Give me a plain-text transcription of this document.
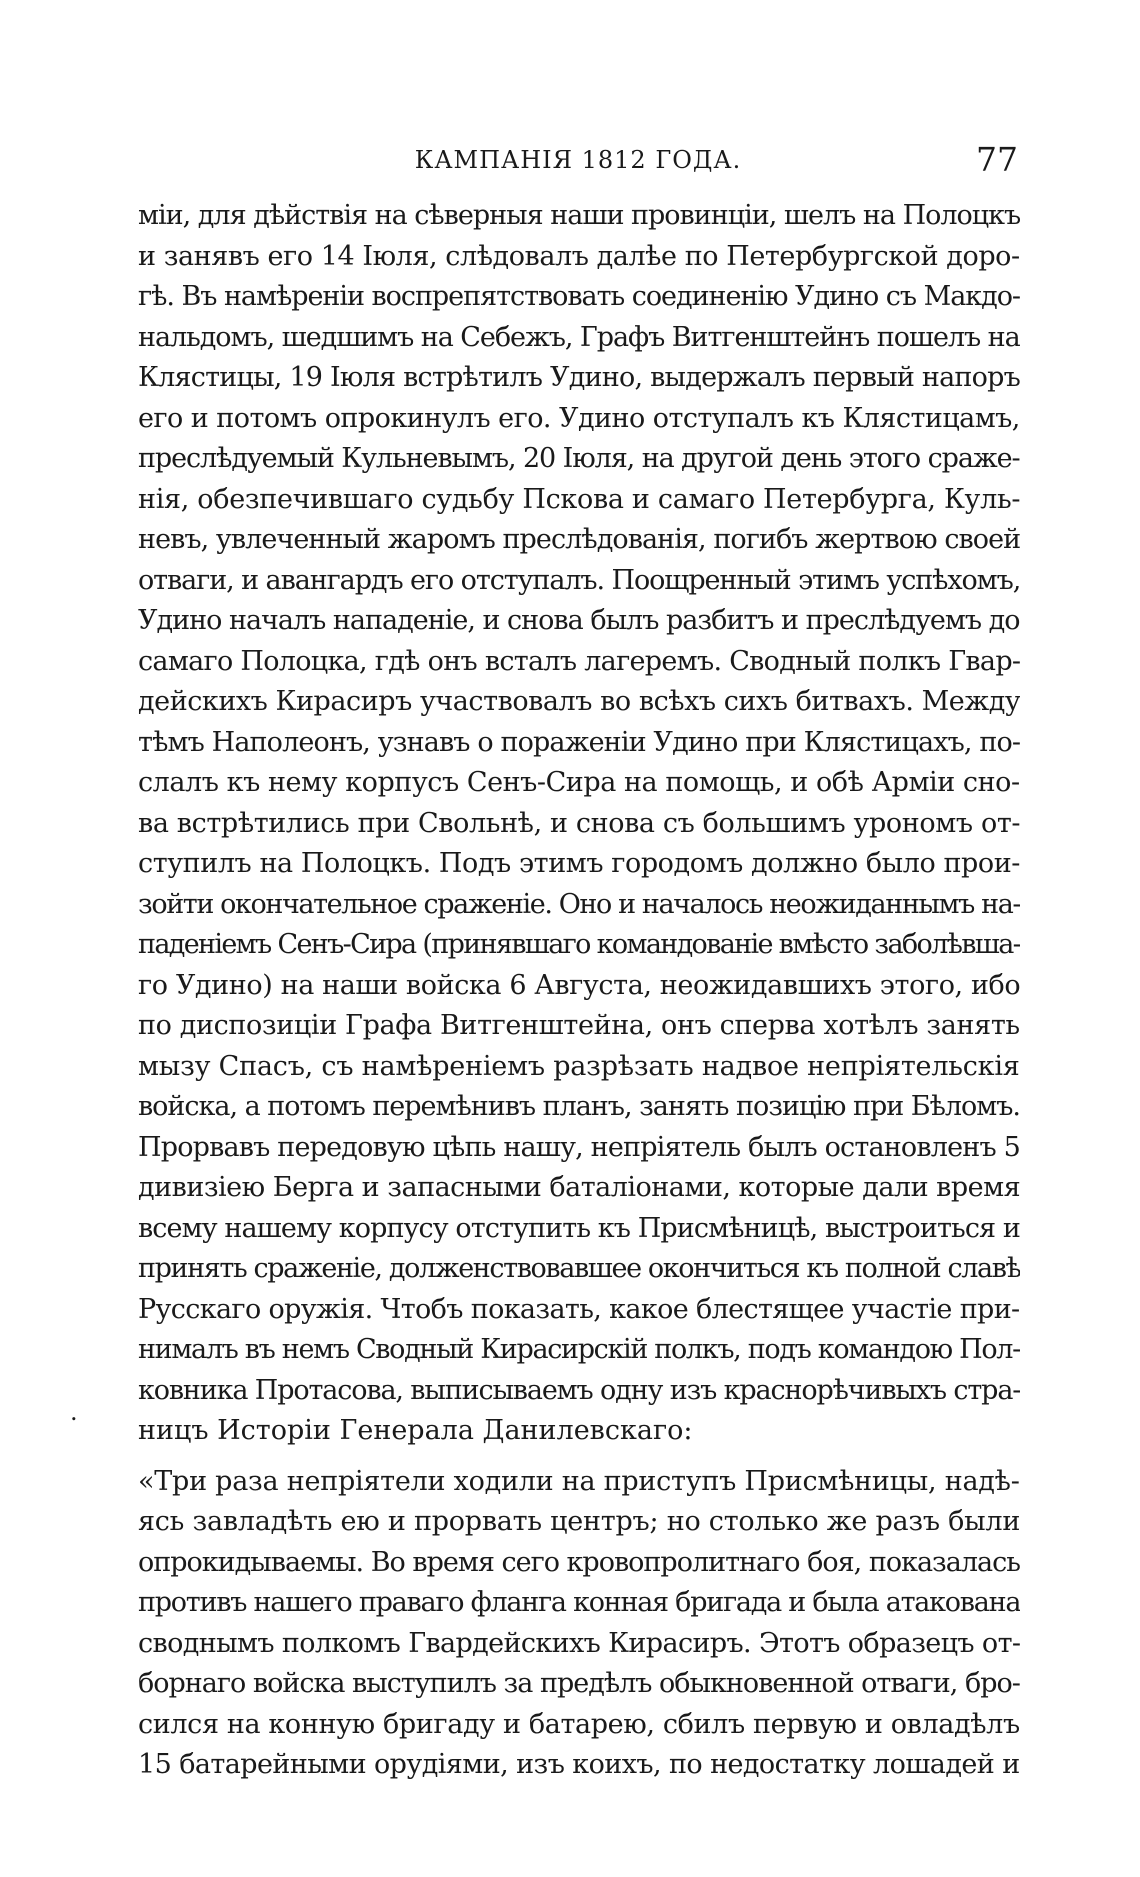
КАМПАНІЯ 1812 ГОДА.	77
.
міи, для дѣйствія на сѣверныя наши провинціи, шелъ на Полоцкъ
и занявъ его 14 Іюля, слѣдовалъ далѣе по Петербургской доро-
гѣ. Въ намѣреніи воспрепятствовать соединенію Удино съ Макдо-
нальдомъ, шедшимъ на Себежъ, Графъ Витгенштейнъ пошелъ на
Клястицы, 19 Іюля встрѣтилъ Удино, выдержалъ первый напоръ
его и потомъ опрокинулъ его. Удино отступалъ къ Клястицамъ,
преслѣдуемый Кульневымъ, 20 Іюля, на другой день этого сраже-
нія, обезпечившаго судьбу Пскова и самаго Петербурга, Куль-
невъ, увлеченный жаромъ преслѣдованія, погибъ жертвою своей
отваги, и авангардъ его отступалъ. Поощренный этимъ успѣхомъ,
Удино началъ нападеніе, и снова былъ разбитъ и преслѣдуемъ до
самаго Полоцка, гдѣ онъ всталъ лагеремъ. Сводный полкъ Гвар-
дейскихъ Кирасиръ участвовалъ во всѣхъ сихъ битвахъ. Между
тѣмъ Наполеонъ, узнавъ о пораженіи Удино при Клястицахъ, по-
слалъ къ нему корпусъ Сенъ-Сира на помощь, и обѣ Арміи сно-
ва встрѣтились при Свольнѣ, и снова съ большимъ урономъ от-
ступилъ на Полоцкъ. Подъ этимъ городомъ должно было прои-
зойти окончательное сраженіе. Оно и началось неожиданнымъ на-
паденіемъ Сенъ-Сира (принявшаго командованіе вмѣсто заболѣвша-
го Удино) на наши войска 6 Августа, неожидавшихъ этого, ибо
по диспозиціи Графа Витгенштейна, онъ сперва хотѣлъ занять
мызу Спасъ, съ намѣреніемъ разрѣзать надвое непріятельскія
войска, а потомъ перемѣнивъ планъ, занять позицію при Бѣломъ.
Прорвавъ передовую цѣпь нашу, непріятель былъ остановленъ 5
дивизіею Берга и запасными баталіонами, которые дали время
всему нашему корпусу отступить къ Присмѣницѣ, выстроиться и
принять сраженіе, долженствовавшее окончиться къ полной славѣ
Русскаго оружія. Чтобъ показать, какое блестящее участіе при-
нималъ въ немъ Сводный Кирасирскій полкъ, подъ командою Пол-
ковника Протасова, выписываемъ одну изъ краснорѣчивыхъ стра-
ницъ Исторіи Генерала Данилевскаго:
«Три раза непріятели ходили на приступъ Присмѣницы, надѣ-
ясь завладѣть ею и прорвать центръ; но столько же разъ были
опрокидываемы. Во время сего кровопролитнаго боя, показалась
противъ нашего праваго фланга конная бригада и была атакована
своднымъ полкомъ Гвардейскихъ Кирасиръ. Этотъ образецъ от-
борнаго войска выступилъ за предѣлъ обыкновенной отваги, бро-
сился на конную бригаду и батарею, сбилъ первую и овладѣлъ
15 батарейными орудіями, изъ коихъ, по недостатку лошадей и
